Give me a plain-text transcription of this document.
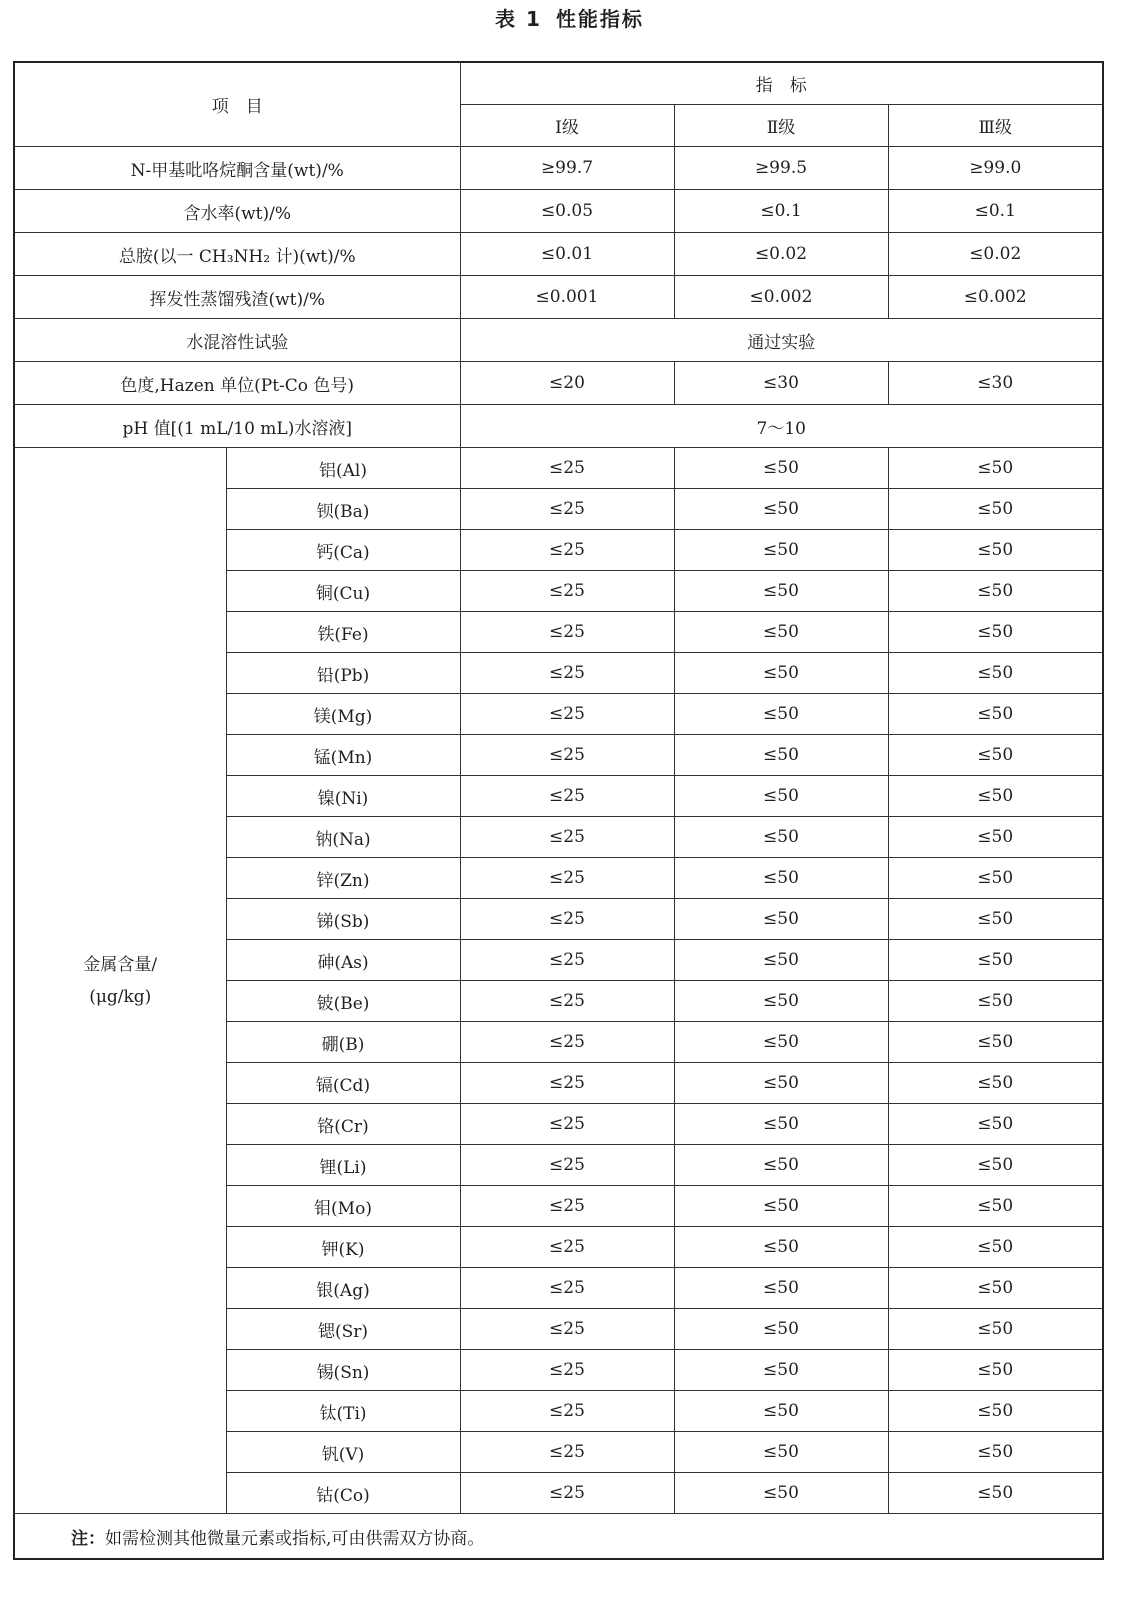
表 1 性能指标
项　目		指　标		
		Ⅰ级	Ⅱ级	Ⅲ级
N-甲基吡咯烷酮含量(wt)/%		≥99.7	≥99.5	≥99.0
含水率(wt)/%		≤0.05	≤0.1	≤0.1
总胺(以一 CH₃NH₂ 计)(wt)/%		≤0.01	≤0.02	≤0.02
挥发性蒸馏残渣(wt)/%		≤0.001	≤0.002	≤0.002
水混溶性试验		通过实验		
色度,Hazen 单位(Pt-Co 色号)		≤20	≤30	≤30
pH 值[(1 mL/10 mL)水溶液]		7～10		

金属含量/
(μg/kg)	铝(Al)	≤25	≤50	≤50
	钡(Ba)	≤25	≤50	≤50
	钙(Ca)	≤25	≤50	≤50
	铜(Cu)	≤25	≤50	≤50
	铁(Fe)	≤25	≤50	≤50
	铅(Pb)	≤25	≤50	≤50
	镁(Mg)	≤25	≤50	≤50
	锰(Mn)	≤25	≤50	≤50
	镍(Ni)	≤25	≤50	≤50
	钠(Na)	≤25	≤50	≤50
	锌(Zn)	≤25	≤50	≤50
	锑(Sb)	≤25	≤50	≤50
	砷(As)	≤25	≤50	≤50
	铍(Be)	≤25	≤50	≤50
	硼(B)	≤25	≤50	≤50
	镉(Cd)	≤25	≤50	≤50
	铬(Cr)	≤25	≤50	≤50
	锂(Li)	≤25	≤50	≤50
	钼(Mo)	≤25	≤50	≤50
	钾(K)	≤25	≤50	≤50
	银(Ag)	≤25	≤50	≤50
	锶(Sr)	≤25	≤50	≤50
	锡(Sn)	≤25	≤50	≤50
	钛(Ti)	≤25	≤50	≤50
	钒(V)	≤25	≤50	≤50
	钴(Co)	≤25	≤50	≤50
注：如需检测其他微量元素或指标,可由供需双方协商。				
